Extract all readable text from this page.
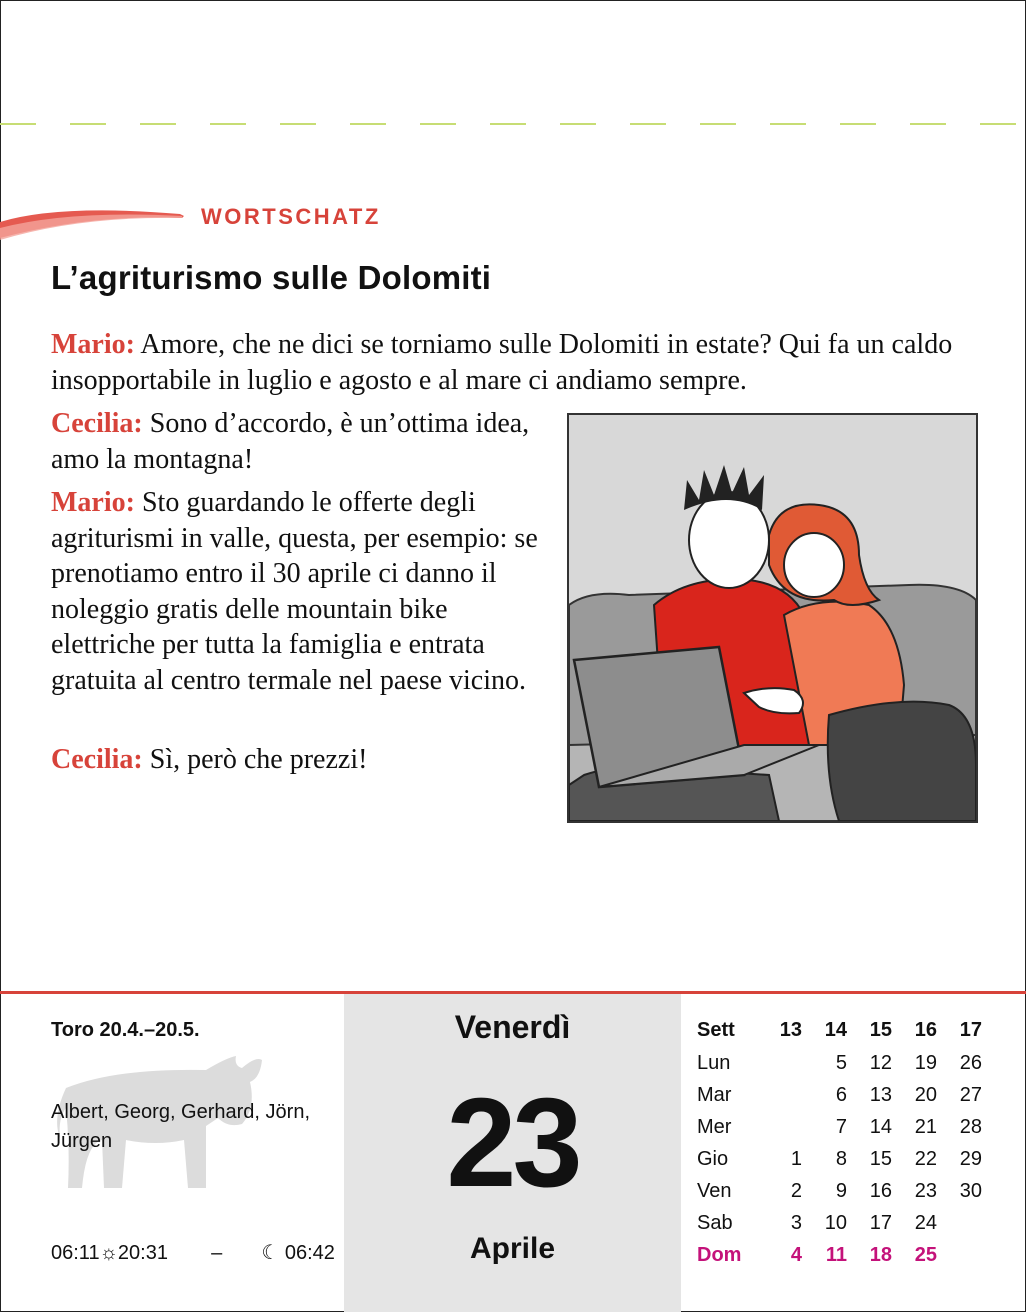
WORTSCHATZ
L’agriturismo sulle Dolomiti
Mario: Amore, che ne dici se torniamo sulle Dolomiti in estate? Qui fa un caldo insopportabile in luglio e agosto e al mare ci andiamo sempre.
Cecilia: Sono d’accordo, è un’ottima idea, amo la montagna!
Mario: Sto guardando le offerte degli agriturismi in valle, questa, per esempio: se prenotiamo entro il 30 aprile ci danno il noleggio gratis delle mountain bike elettriche per tutta la famiglia e entrata gratuita al centro termale nel paese vicino.
Cecilia: Sì, però che prezzi!
Toro 20.4.–20.5.
Albert, Georg, Gerhard, Jörn, Jürgen
06:11☼20:31 – ☾ 06:42
Venerdì
23
Aprile
Sett	13	14	15	16	17
Lun		5	12	19	26
Mar		6	13	20	27
Mer		7	14	21	28
Gio	1	8	15	22	29
Ven	2	9	16	23	30
Sab	3	10	17	24	
Dom	4	11	18	25	
